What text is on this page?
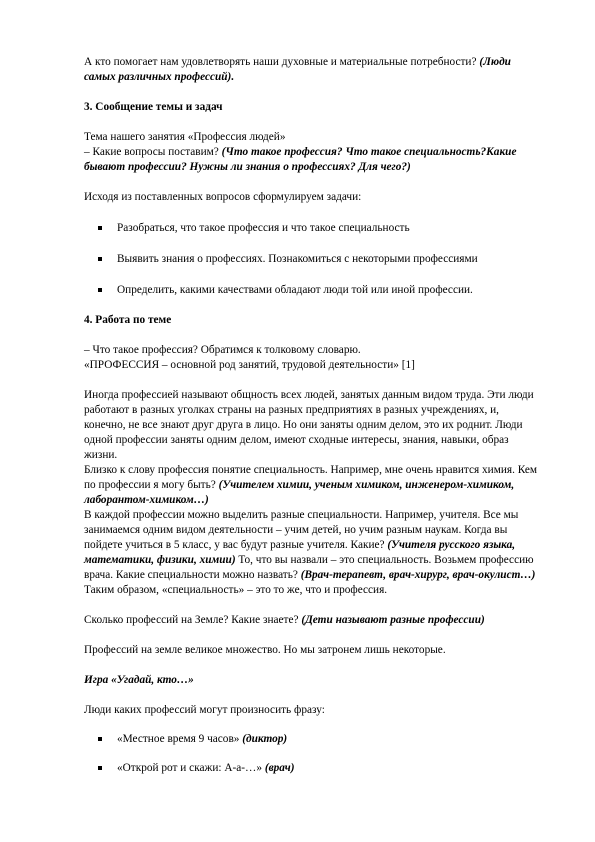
А кто помогает нам удовлетворять наши духовные и материальные потребности? (Люди самых различных профессий).

3. Сообщение темы и задач

Тема нашего занятия «Профессия людей»

– Какие вопросы поставим? (Что такое профессия? Что такое специальность?Какие бывают профессии? Нужны ли знания о профессиях? Для чего?)

Исходя из поставленных вопросов сформулируем задачи:

Разобраться, что такое профессия и что такое специальность
Выявить знания о профессиях. Познакомиться с некоторыми профессиями
Определить, какими качествами обладают люди той или иной профессии.

4. Работа по теме

– Что такое профессия? Обратимся к толковому словарю.

«ПРОФЕССИЯ – основной род занятий, трудовой деятельности» [1]

Иногда профессией называют общность всех людей, занятых данным видом труда. Эти люди работают в разных уголках страны на разных предприятиях в разных учреждениях, и, конечно, не все знают друг друга в лицо. Но они заняты одним делом, это их роднит. Люди одной профессии заняты одним делом, имеют сходные интересы, знания, навыки, образ жизни.

Близко к слову профессия понятие специальность. Например, мне очень нравится химия. Кем по профессии я могу быть? (Учителем химии, ученым химиком, инженером-химиком, лаборантом-химиком…)

В каждой профессии можно выделить разные специальности. Например, учителя. Все мы занимаемся одним видом деятельности – учим детей, но учим разным наукам. Когда вы пойдете учиться в 5 класс, у вас будут разные учителя. Какие? (Учителя русского языка, математики, физики, химии) То, что вы назвали – это специальность. Возьмем профессию врача. Какие специальности можно назвать? (Врач-терапевт, врач-хирург, врач-окулист…)

Таким образом, «специальность» – это то же, что и профессия.

Сколько профессий на Земле? Какие знаете? (Дети называют разные профессии)

Профессий на земле великое множество. Но мы затронем лишь некоторые.

Игра «Угадай, кто…»

Люди каких профессий могут произносить фразу:

«Местное время 9 часов» (диктор)
«Открой рот и скажи: А-а-…» (врач)
